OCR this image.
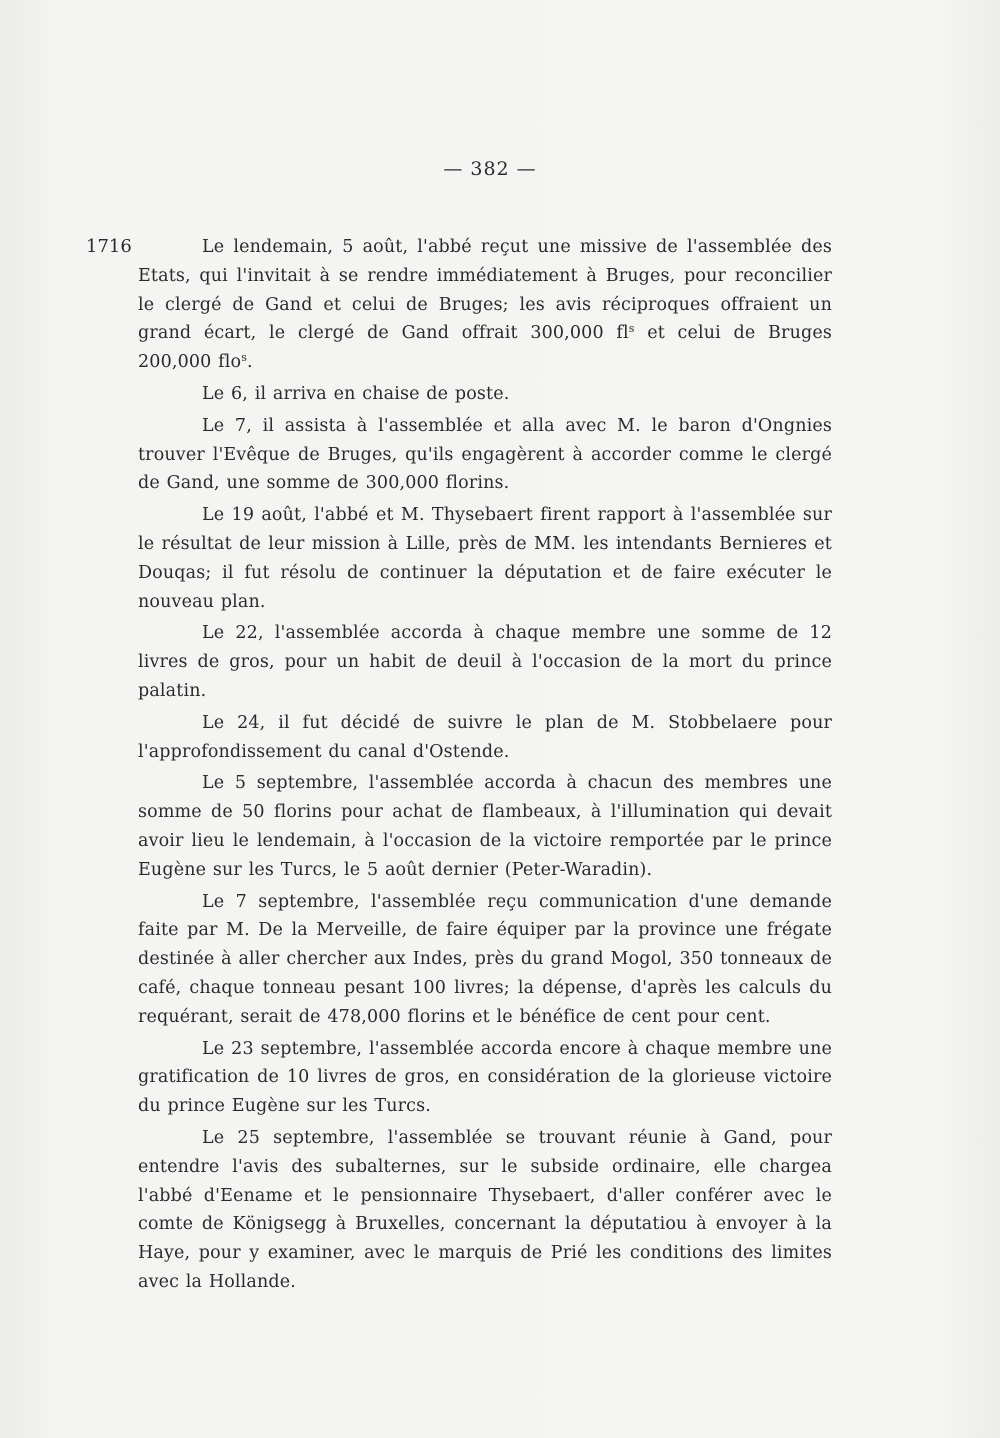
— 382 —
1716	Le lendemain, 5 août, l'abbé reçut une missive de l'assemblée des Etats, qui l'invitait à se rendre immédiatement à Bruges, pour reconcilier le clergé de Gand et celui de Bruges; les avis réciproques offraient un grand écart, le clergé de Gand offrait 300,000 $fl^s$ et celui de Bruges 200,000 flo$^s$.

Le 6, il arriva en chaise de poste.

Le 7, il assista à l'assemblée et alla avec M. le baron d'Ongnies trouver l'Evêque de Bruges, qu'ils engagèrent à accorder comme le clergé de Gand, une somme de 300,000 florins.

Le 19 août, l'abbé et M. Thysebaert firent rapport à l'assemblée sur le résultat de leur mission à Lille, près de MM. les intendants Bernieres et Douqas; il fut résolu de continuer la députation et de faire exécuter le nouveau plan.

Le 22, l'assemblée accorda à chaque membre une somme de 12 livres de gros, pour un habit de deuil à l'occasion de la mort du prince palatin.

Le 24, il fut décidé de suivre le plan de M. Stobbelaere pour l'approfondissement du canal d'Ostende.

Le 5 septembre, l'assemblée accorda à chacun des membres une somme de 50 florins pour achat de flambeaux, à l'illumination qui devait avoir lieu le lendemain, à l'occasion de la victoire remportée par le prince Eugène sur les Turcs, le 5 août dernier (Peter-Waradin).

Le 7 septembre, l'assemblée reçu communication d'une demande faite par M. De la Merveille, de faire équiper par la province une frégate destinée à aller chercher aux Indes, près du grand Mogol, 350 tonneaux de café, chaque tonneau pesant 100 livres; la dépense, d'après les calculs du requérant, serait de 478,000 florins et le bénéfice de cent pour cent.

Le 23 septembre, l'assemblée accorda encore à chaque membre une gratification de 10 livres de gros, en considération de la glorieuse victoire du prince Eugène sur les Turcs.

Le 25 septembre, l'assemblée se trouvant réunie à Gand, pour entendre l'avis des subalternes, sur le subside ordinaire, elle chargea l'abbé d'Eename et le pensionnaire Thysebaert, d'aller conférer avec le comte de Königsegg à Bruxelles, concernant la députatiou à envoyer à la Haye, pour y examiner, avec le marquis de Prié les conditions des limites avec la Hollande.
